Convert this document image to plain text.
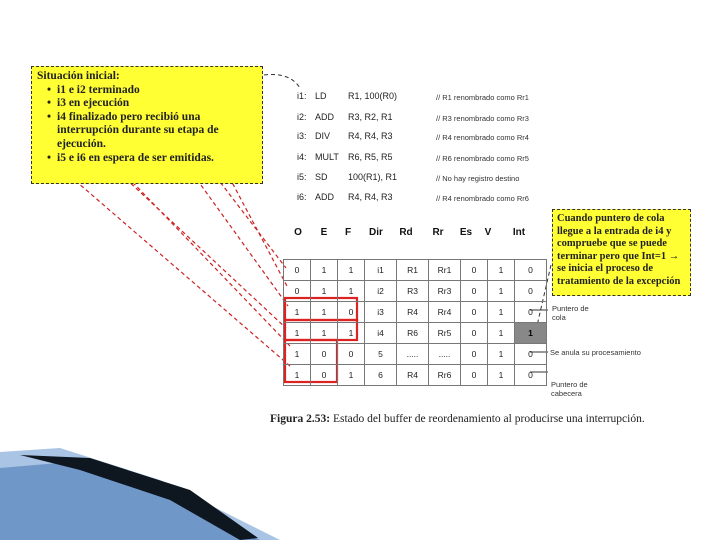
Situación inicial:
• i1 e i2 terminado
• i3 en ejecución
• i4 finalizado pero recibió una interrupción durante su etapa de ejecución.
• i5 e i6 en espera de ser emitidas.
i1: LD R1, 100(R0)	// R1 renombrado como Rr1
i2: ADD R3, R2, R1	// R3 renombrado como Rr3
i3: DIV R4, R4, R3	// R4 renombrado como Rr4
i4: MULT R6, R5, R5	// R6 renombrado como Rr5
i5: SD 100(R1), R1	// No hay registro destino
i6: ADD R4, R4, R3	// R4 renombrado como Rr6
O	E	F	Dir	Rd	Rr	Es	V	Int

0	1	1	i1	R1	Rr1	0	1	0
0	1	1	i2	R3	Rr3	0	1	0
1	1	0	i3	R4	Rr4	0	1	0
1	1	1	i4	R6	Rr5	0	1	1
1	0	0	5	.....	.....	0	1	0
1	0	1	6	R4	Rr6	0	1	0
Cuando puntero de cola llegue a la entrada de i4 y compruebe que se puede terminar pero que Int=1 → se inicia el proceso de tratamiento de la excepción
Puntero de cola
Se anula su procesamiento
Puntero de cabecera
Figura 2.53: Estado del buffer de reordenamiento al producirse una interrupción.
